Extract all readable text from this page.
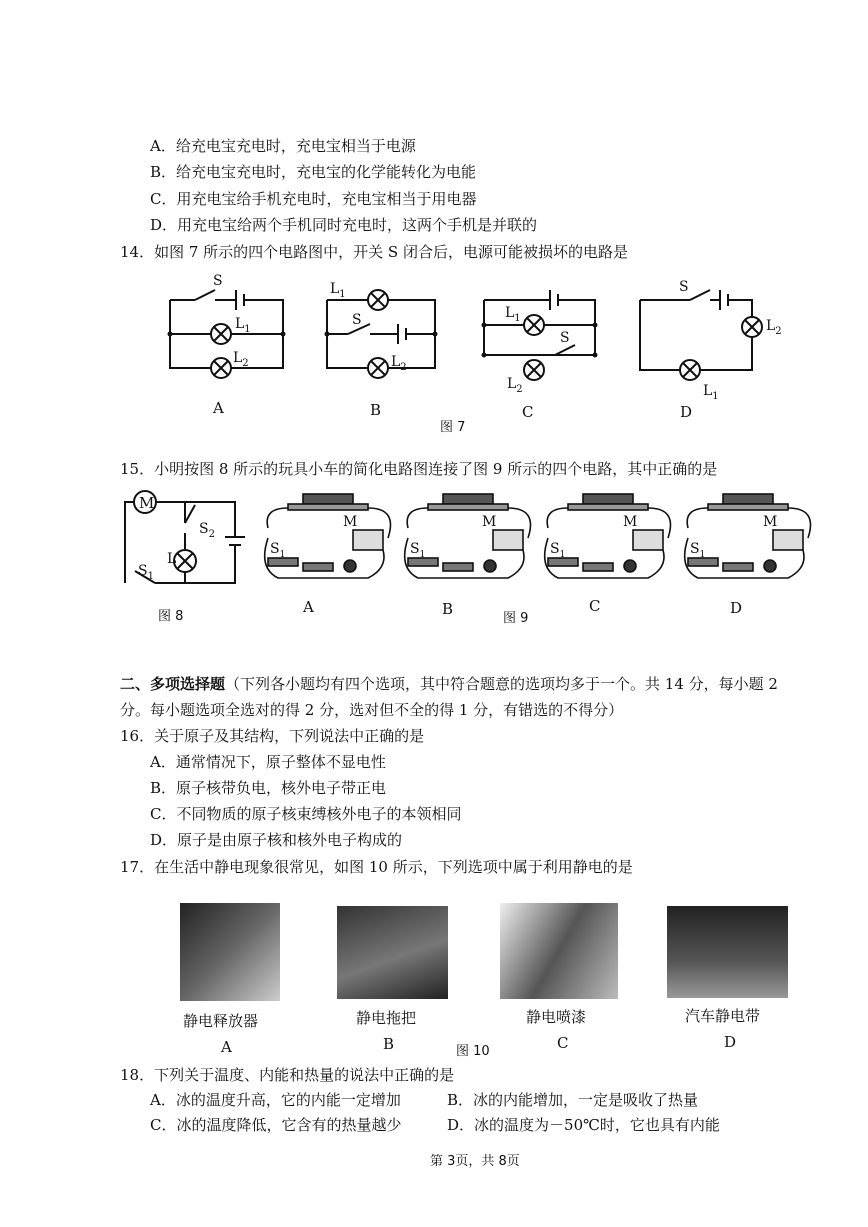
A．给充电宝充电时，充电宝相当于电源
B．给充电宝充电时，充电宝的化学能转化为电能
C．用充电宝给手机充电时，充电宝相当于用电器
D．用充电宝给两个手机同时充电时，这两个手机是并联的
14．如图 7 所示的四个电路图中，开关 S 闭合后，电源可能被损坏的电路是
S
$L_1$
$L_2$
$L_1$
S
$L_2$
$L_1$
S
$L_2$
S
$L_2$
$L_1$
A	B	C	D
图 7
15．小明按图 8 所示的玩具小车的简化电路图连接了图 9 所示的四个电路，其中正确的是
M
$S_2$
L
$S_1$
图 8
M	M	M	M
$S_1$	$S_1$	$S_1$	$S_1$
A	B	C	D
图 9
二、多项选择题（下列各小题均有四个选项，其中符合题意的选项均多于一个。共 14 分，每小题 2
分。每小题选项全选对的得 2 分，选对但不全的得 1 分，有错选的不得分）
16．关于原子及其结构，下列说法中正确的是
A．通常情况下，原子整体不显电性
B．原子核带负电，核外电子带正电
C．不同物质的原子核束缚核外电子的本领相同
D．原子是由原子核和核外电子构成的
17．在生活中静电现象很常见，如图 10 所示，下列选项中属于利用静电的是
静电释放器	静电拖把	静电喷漆	汽车静电带
A	B	C	D
图 10
18．下列关于温度、内能和热量的说法中正确的是
A．冰的温度升高，它的内能一定增加	B．冰的内能增加，一定是吸收了热量
C．冰的温度降低，它含有的热量越少	D．冰的温度为－50℃时，它也具有内能
第 3页，共 8页
